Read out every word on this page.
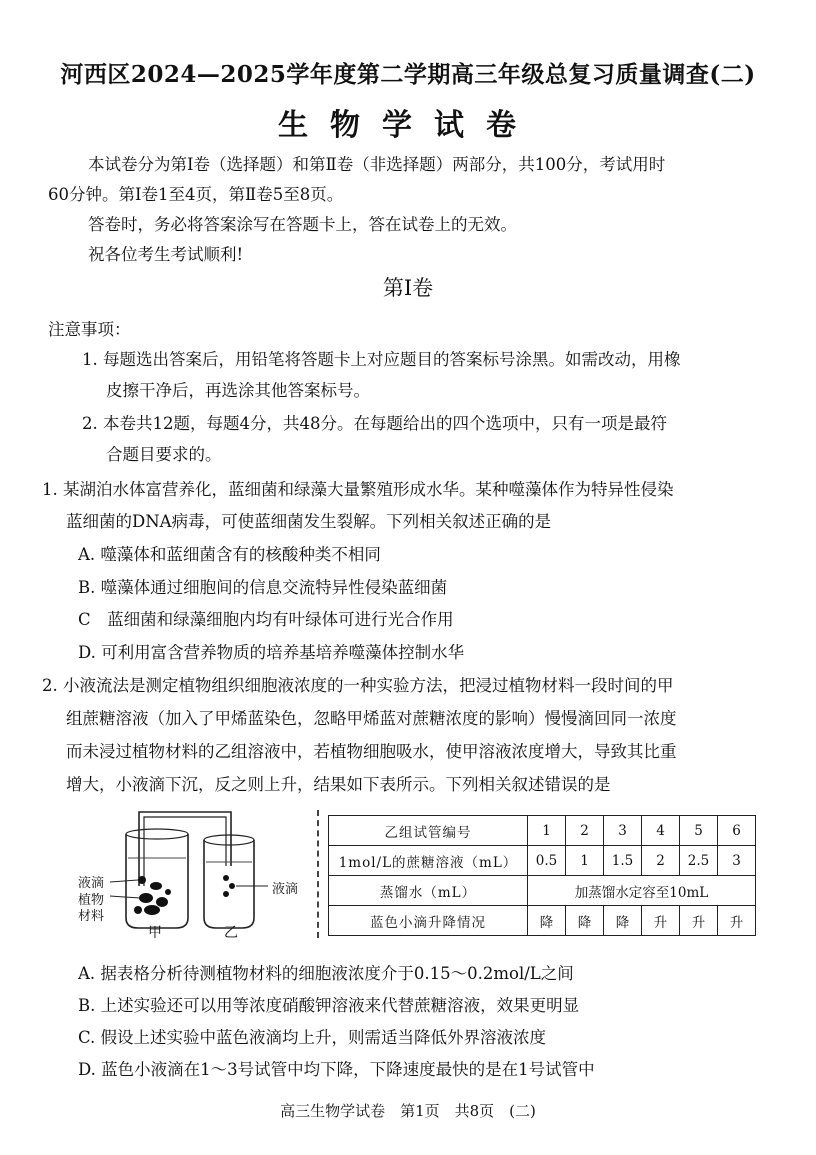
河西区2024—2025学年度第二学期高三年级总复习质量调查(二)
生物学试卷
本试卷分为第Ⅰ卷（选择题）和第Ⅱ卷（非选择题）两部分，共100分，考试用时
60分钟。第Ⅰ卷1至4页，第Ⅱ卷5至8页。
答卷时，务必将答案涂写在答题卡上，答在试卷上的无效。
祝各位考生考试顺利!
第Ⅰ卷
注意事项：
1. 每题选出答案后，用铅笔将答题卡上对应题目的答案标号涂黑。如需改动，用橡
皮擦干净后，再选涂其他答案标号。
2. 本卷共12题，每题4分，共48分。在每题给出的四个选项中，只有一项是最符
合题目要求的。
1. 某湖泊水体富营养化，蓝细菌和绿藻大量繁殖形成水华。某种噬藻体作为特异性侵染
蓝细菌的DNA病毒，可使蓝细菌发生裂解。下列相关叙述正确的是
A. 噬藻体和蓝细菌含有的核酸种类不相同
B. 噬藻体通过细胞间的信息交流特异性侵染蓝细菌
C　蓝细菌和绿藻细胞内均有叶绿体可进行光合作用
D. 可利用富含营养物质的培养基培养噬藻体控制水华
2. 小液流法是测定植物组织细胞液浓度的一种实验方法，把浸过植物材料一段时间的甲
组蔗糖溶液（加入了甲烯蓝染色，忽略甲烯蓝对蔗糖浓度的影响）慢慢滴回同一浓度
而未浸过植物材料的乙组溶液中，若植物细胞吸水，使甲溶液浓度增大，导致其比重
增大，小液滴下沉，反之则上升，结果如下表所示。下列相关叙述错误的是
液滴
植物
材料
液滴
甲	乙
乙组试管编号	1	2	3	4	5	6
1mol/L的蔗糖溶液（mL）	0.5	1	1.5	2	2.5	3
蒸馏水（mL）	加蒸馏水定容至10mL					
蓝色小滴升降情况	降	降	降	升	升	升
A. 据表格分析待测植物材料的细胞液浓度介于0.15～0.2mol/L之间
B. 上述实验还可以用等浓度硝酸钾溶液来代替蔗糖溶液，效果更明显
C. 假设上述实验中蓝色液滴均上升，则需适当降低外界溶液浓度
D. 蓝色小液滴在1～3号试管中均下降，下降速度最快的是在1号试管中
高三生物学试卷　第1页　共8页　(二)
